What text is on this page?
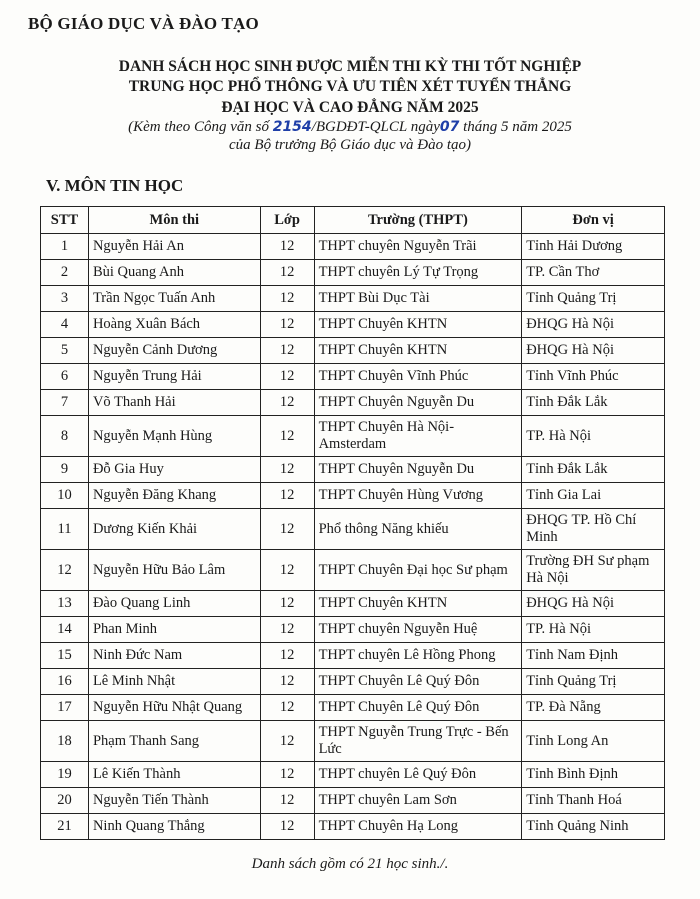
BỘ GIÁO DỤC VÀ ĐÀO TẠO
DANH SÁCH HỌC SINH ĐƯỢC MIỄN THI KỲ THI TỐT NGHIỆP
TRUNG HỌC PHỔ THÔNG VÀ ƯU TIÊN XÉT TUYỂN THẲNG
ĐẠI HỌC VÀ CAO ĐẲNG NĂM 2025
(Kèm theo Công văn số 2154/BGDĐT-QLCL ngày07 tháng 5 năm 2025
của Bộ trưởng Bộ Giáo dục và Đào tạo)
V. MÔN TIN HỌC
STT	Môn thi	Lớp	Trường (THPT)	Đơn vị
1	Nguyễn Hải An	12	THPT chuyên Nguyễn Trãi	Tỉnh Hải Dương
2	Bùi Quang Anh	12	THPT chuyên Lý Tự Trọng	TP. Cần Thơ
3	Trần Ngọc Tuấn Anh	12	THPT Bùi Dục Tài	Tỉnh Quảng Trị
4	Hoàng Xuân Bách	12	THPT Chuyên KHTN	ĐHQG Hà Nội
5	Nguyễn Cảnh Dương	12	THPT Chuyên KHTN	ĐHQG Hà Nội
6	Nguyễn Trung Hải	12	THPT Chuyên Vĩnh Phúc	Tỉnh Vĩnh Phúc
7	Võ Thanh Hải	12	THPT Chuyên Nguyễn Du	Tỉnh Đắk Lắk
8	Nguyễn Mạnh Hùng	12	THPT Chuyên Hà Nội-Amsterdam	TP. Hà Nội
9	Đỗ Gia Huy	12	THPT Chuyên Nguyễn Du	Tỉnh Đắk Lắk
10	Nguyễn Đăng Khang	12	THPT Chuyên Hùng Vương	Tỉnh Gia Lai
11	Dương Kiến Khải	12	Phổ thông Năng khiếu	ĐHQG TP. Hồ Chí Minh
12	Nguyễn Hữu Bảo Lâm	12	THPT Chuyên Đại học Sư phạm	Trường ĐH Sư phạm Hà Nội
13	Đào Quang Linh	12	THPT Chuyên KHTN	ĐHQG Hà Nội
14	Phan Minh	12	THPT chuyên Nguyễn Huệ	TP. Hà Nội
15	Ninh Đức Nam	12	THPT chuyên Lê Hồng Phong	Tỉnh Nam Định
16	Lê Minh Nhật	12	THPT Chuyên Lê Quý Đôn	Tỉnh Quảng Trị
17	Nguyễn Hữu Nhật Quang	12	THPT Chuyên Lê Quý Đôn	TP. Đà Nẵng
18	Phạm Thanh Sang	12	THPT Nguyễn Trung Trực - Bến Lức	Tỉnh Long An
19	Lê Kiến Thành	12	THPT chuyên Lê Quý Đôn	Tỉnh Bình Định
20	Nguyễn Tiến Thành	12	THPT chuyên Lam Sơn	Tỉnh Thanh Hoá
21	Ninh Quang Thắng	12	THPT Chuyên Hạ Long	Tỉnh Quảng Ninh
Danh sách gồm có 21 học sinh./.
